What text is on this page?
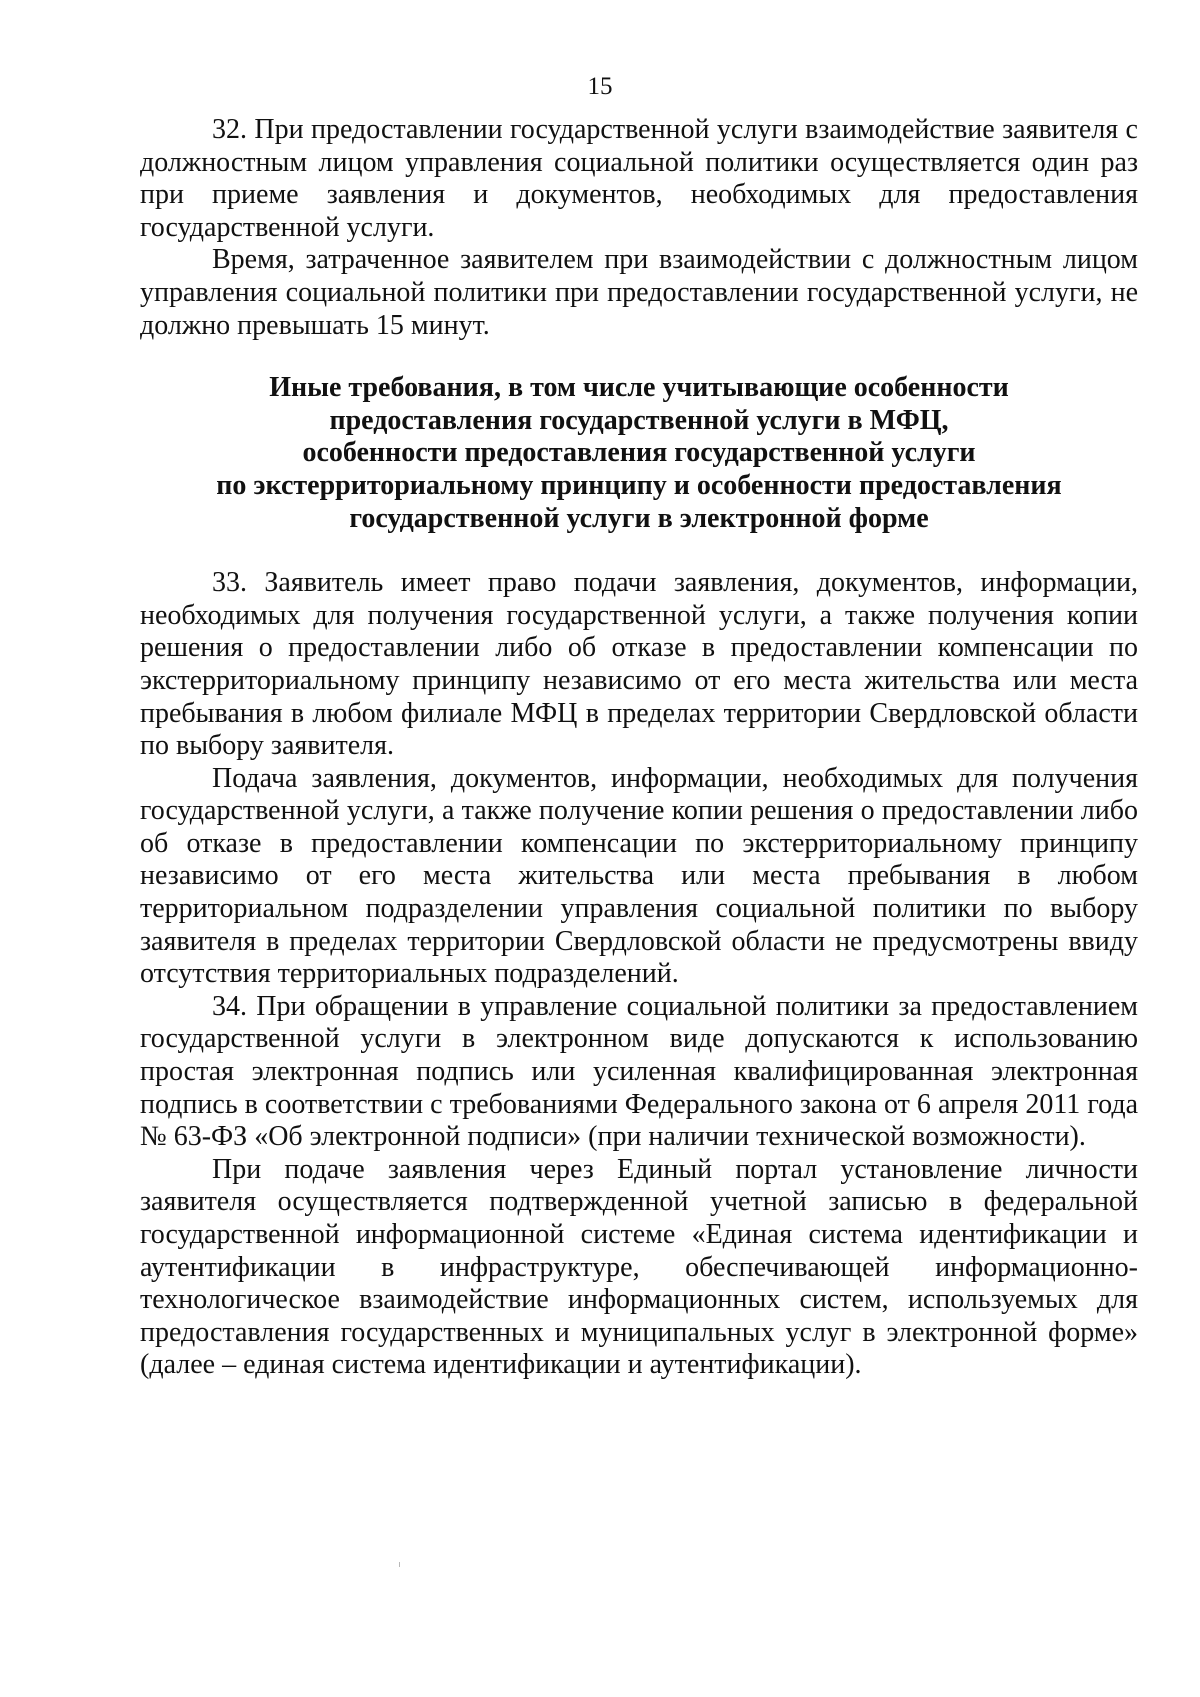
15

32. При предоставлении государственной услуги взаимодействие заявителя с должностным лицом управления социальной политики осуществляется один раз при приеме заявления и документов, необходимых для предоставления государственной услуги.

Время, затраченное заявителем при взаимодействии с должностным лицом управления социальной политики при предоставлении государственной услуги, не должно превышать 15 минут.

Иные требования, в том числе учитывающие особенности
предоставления государственной услуги в МФЦ,
особенности предоставления государственной услуги
по экстерриториальному принципу и особенности предоставления
государственной услуги в электронной форме

33. Заявитель имеет право подачи заявления, документов, информации, необходимых для получения государственной услуги, а также получения копии решения о предоставлении либо об отказе в предоставлении компенсации по экстерриториальному принципу независимо от его места жительства или места пребывания в любом филиале МФЦ в пределах территории Свердловской области по выбору заявителя.

Подача заявления, документов, информации, необходимых для получения государственной услуги, а также получение копии решения о предоставлении либо об отказе в предоставлении компенсации по экстерриториальному принципу независимо от его места жительства или места пребывания в любом территориальном подразделении управления социальной политики по выбору заявителя в пределах территории Свердловской области не предусмотрены ввиду отсутствия территориальных подразделений.

34. При обращении в управление социальной политики за предоставлением государственной услуги в электронном виде допускаются к использованию простая электронная подпись или усиленная квалифицированная электронная подпись в соответствии с требованиями Федерального закона от 6 апреля 2011 года № 63-ФЗ «Об электронной подписи» (при наличии технической возможности).

При подаче заявления через Единый портал установление личности заявителя осуществляется подтвержденной учетной записью в федеральной государственной информационной системе «Единая система идентификации и аутентификации в инфраструктуре, обеспечивающей информационно-технологическое взаимодействие информационных систем, используемых для предоставления государственных и муниципальных услуг в электронной форме» (далее – единая система идентификации и аутентификации).
